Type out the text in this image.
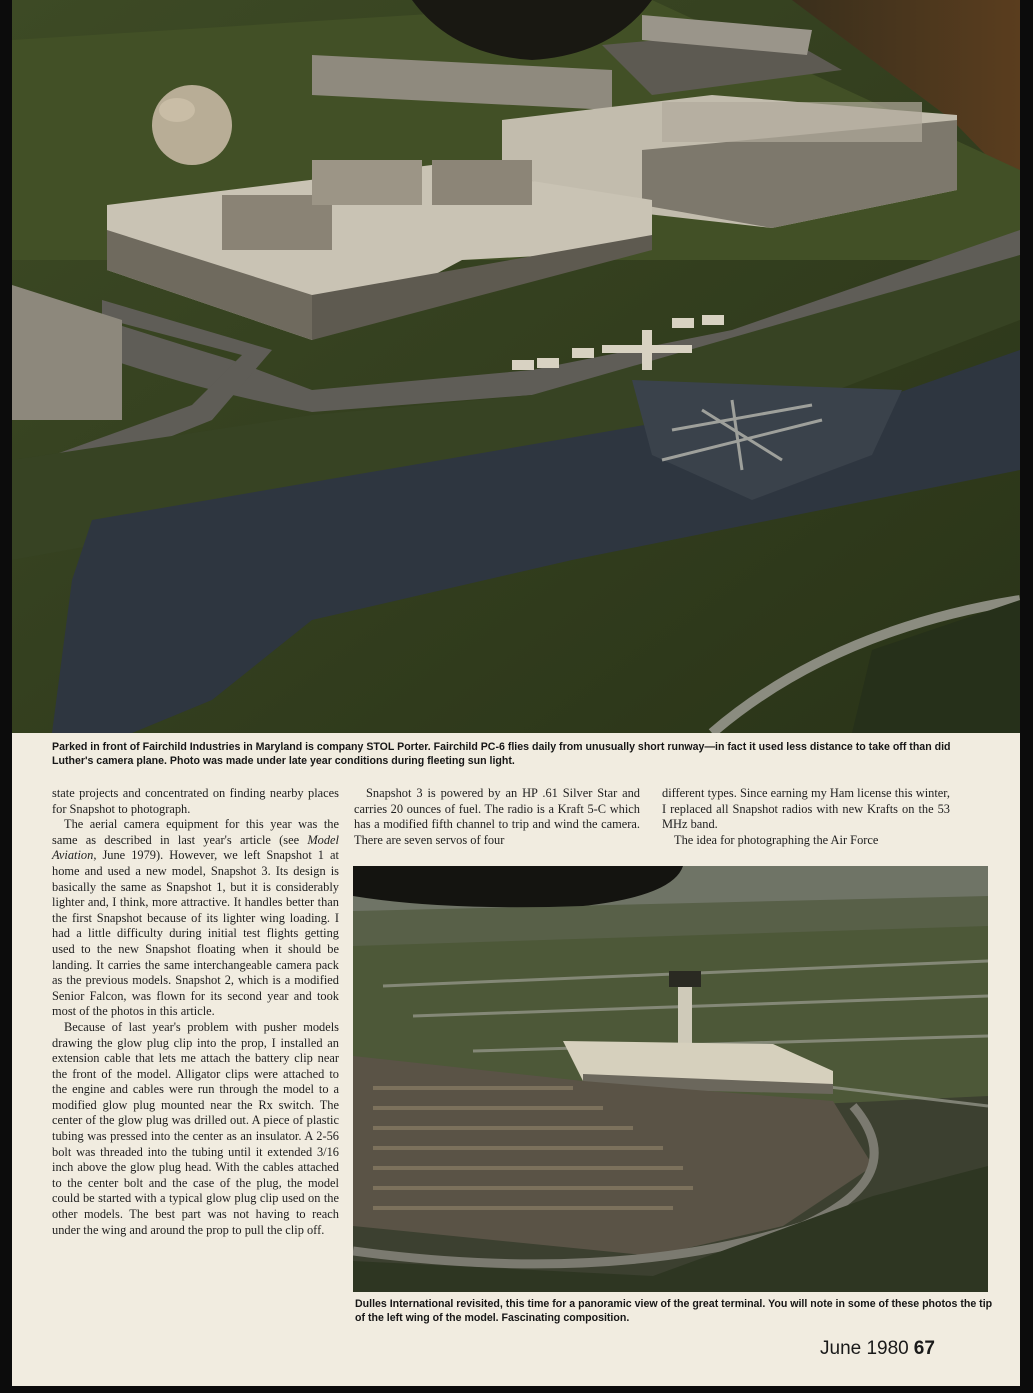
Parked in front of Fairchild Industries in Maryland is company STOL Porter. Fairchild PC-6 flies daily from unusually short runway—in fact it used less distance to take off than did Luther's camera plane. Photo was made under late year conditions during fleeting sun light.

state projects and concentrated on finding nearby places for Snapshot to photograph.

The aerial camera equipment for this year was the same as described in last year's article (see Model Aviation, June 1979). However, we left Snapshot 1 at home and used a new model, Snapshot 3. Its design is basically the same as Snapshot 1, but it is considerably lighter and, I think, more attractive. It handles better than the first Snapshot because of its lighter wing loading. I had a little difficulty during initial test flights getting used to the new Snapshot floating when it should be landing. It carries the same interchangeable camera pack as the previous models. Snapshot 2, which is a modified Senior Falcon, was flown for its second year and took most of the photos in this article.

Because of last year's problem with pusher models drawing the glow plug clip into the prop, I installed an extension cable that lets me attach the battery clip near the front of the model. Alligator clips were attached to the engine and cables were run through the model to a modified glow plug mounted near the Rx switch. The center of the glow plug was drilled out. A piece of plastic tubing was pressed into the center as an insulator. A 2-56 bolt was threaded into the tubing until it extended 3/16 inch above the glow plug head. With the cables attached to the center bolt and the case of the plug, the model could be started with a typical glow plug clip used on the other models. The best part was not having to reach under the wing and around the prop to pull the clip off.

Snapshot 3 is powered by an HP .61 Silver Star and carries 20 ounces of fuel. The radio is a Kraft 5-C which has a modified fifth channel to trip and wind the camera. There are seven servos of four

different types. Since earning my Ham license this winter, I replaced all Snapshot radios with new Krafts on the 53 MHz band.

The idea for photographing the Air Force

Dulles International revisited, this time for a panoramic view of the great terminal. You will note in some of these photos the tip of the left wing of the model. Fascinating composition.
June 1980 67
